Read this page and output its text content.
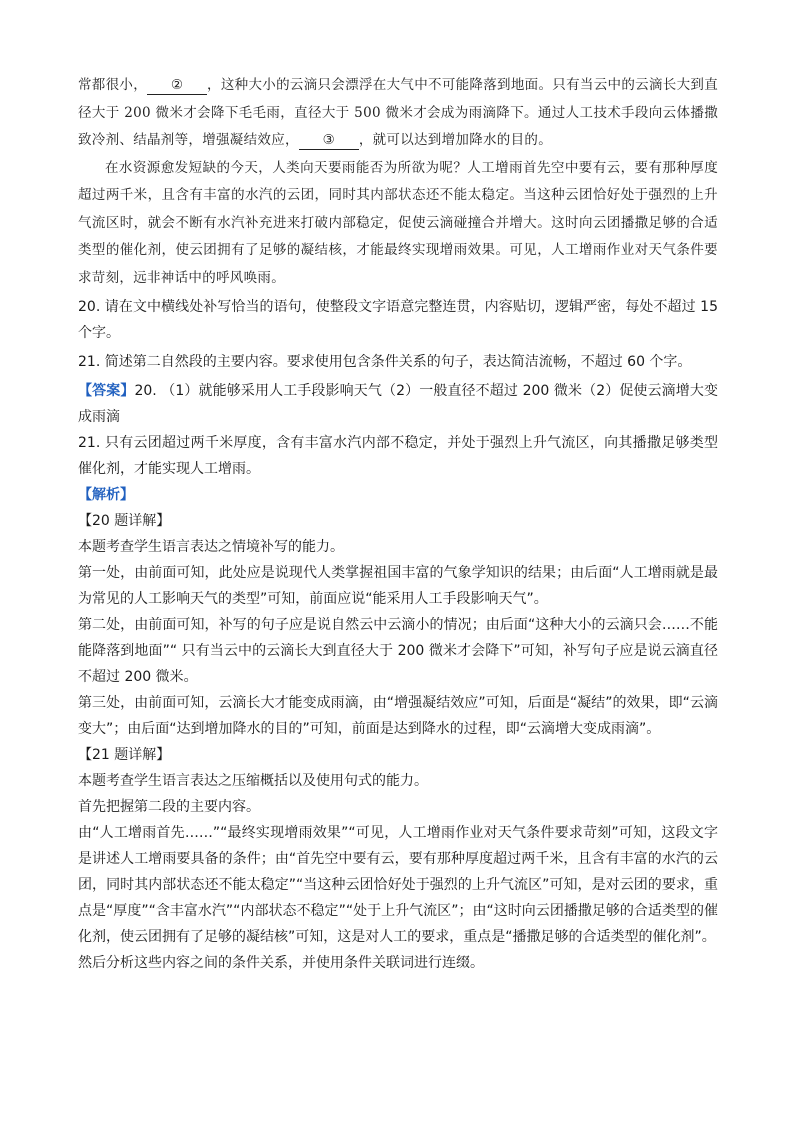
常都很小， ② ，这种大小的云滴只会漂浮在大气中不可能降落到地面。只有当云中的云滴长大到直径大于 200 微米才会降下毛毛雨，直径大于 500 微米才会成为雨滴降下。通过人工技术手段向云体播撒致冷剂、结晶剂等，增强凝结效应， ③ ，就可以达到增加降水的目的。

在水资源愈发短缺的今天，人类向天要雨能否为所欲为呢？人工增雨首先空中要有云，要有那种厚度超过两千米，且含有丰富的水汽的云团，同时其内部状态还不能太稳定。当这种云团恰好处于强烈的上升气流区时，就会不断有水汽补充进来打破内部稳定，促使云滴碰撞合并增大。这时向云团播撒足够的合适类型的催化剂，使云团拥有了足够的凝结核，才能最终实现增雨效果。可见，人工增雨作业对天气条件要求苛刻，远非神话中的呼风唤雨。

20. 请在文中横线处补写恰当的语句，使整段文字语意完整连贯，内容贴切，逻辑严密，每处不超过 15 个字。

21. 简述第二自然段的主要内容。要求使用包含条件关系的句子，表达简洁流畅，不超过 60 个字。

【答案】20. （1）就能够采用人工手段影响天气（2）一般直径不超过 200 微米（2）促使云滴增大变成雨滴

21. 只有云团超过两千米厚度，含有丰富水汽内部不稳定，并处于强烈上升气流区，向其播撒足够类型催化剂，才能实现人工增雨。

【解析】

【20 题详解】

本题考查学生语言表达之情境补写的能力。

第一处，由前面可知，此处应是说现代人类掌握祖国丰富的气象学知识的结果；由后面“人工增雨就是最为常见的人工影响天气的类型”可知，前面应说“能采用人工手段影响天气”。

第二处，由前面可知，补写的句子应是说自然云中云滴小的情况；由后面“这种大小的云滴只会……不能能降落到地面”“ 只有当云中的云滴长大到直径大于 200 微米才会降下”可知，补写句子应是说云滴直径不超过 200 微米。

第三处，由前面可知，云滴长大才能变成雨滴，由“增强凝结效应”可知，后面是“凝结”的效果，即“云滴变大”；由后面“达到增加降水的目的”可知，前面是达到降水的过程，即“云滴增大变成雨滴”。

【21 题详解】

本题考查学生语言表达之压缩概括以及使用句式的能力。

首先把握第二段的主要内容。

由“人工增雨首先……”“最终实现增雨效果”“可见，人工增雨作业对天气条件要求苛刻”可知，这段文字是讲述人工增雨要具备的条件；由“首先空中要有云，要有那种厚度超过两千米，且含有丰富的水汽的云团，同时其内部状态还不能太稳定”“当这种云团恰好处于强烈的上升气流区”可知，是对云团的要求，重点是“厚度”“含丰富水汽”“内部状态不稳定”“处于上升气流区”；由“这时向云团播撒足够的合适类型的催化剂，使云团拥有了足够的凝结核”可知，这是对人工的要求，重点是“播撒足够的合适类型的催化剂”。

然后分析这些内容之间的条件关系，并使用条件关联词进行连缀。
